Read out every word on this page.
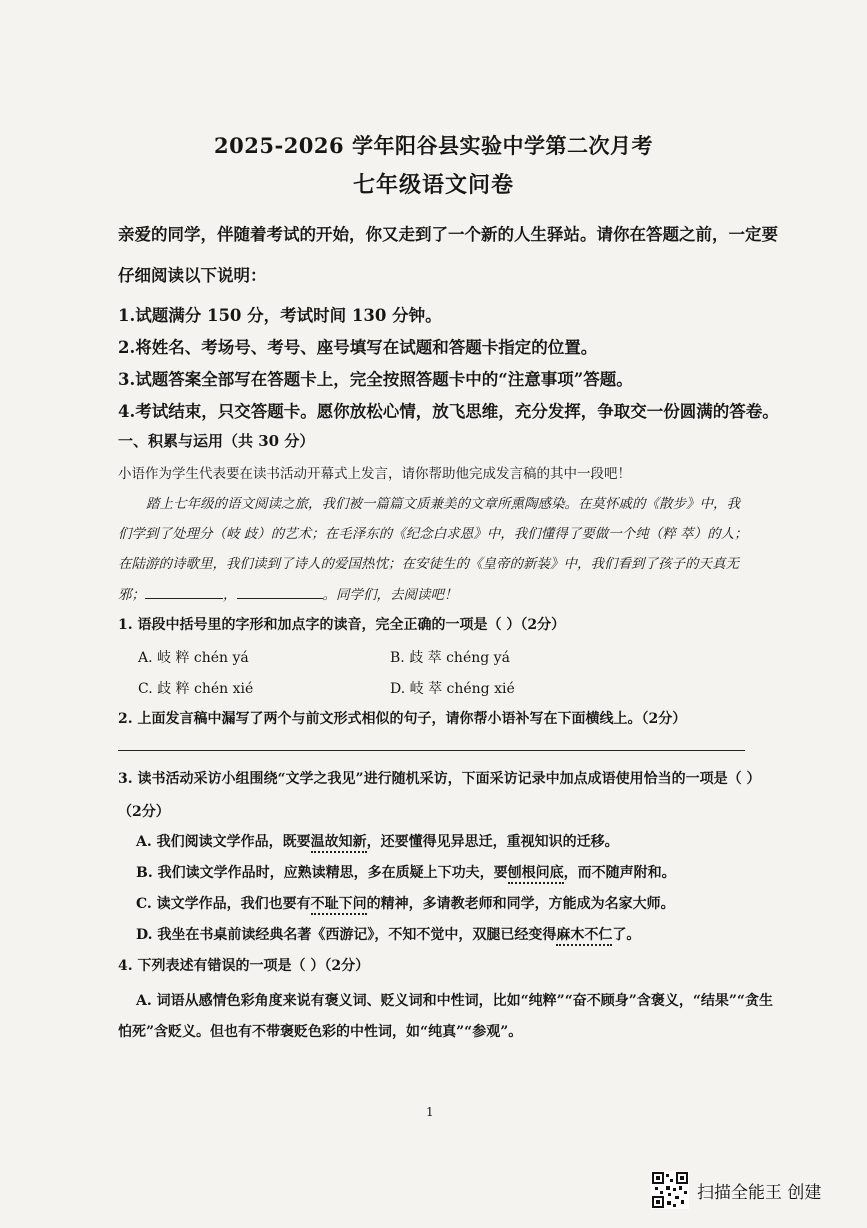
2025-2026 学年阳谷县实验中学第二次月考
七年级语文问卷
亲爱的同学，伴随着考试的开始，你又走到了一个新的人生驿站。请你在答题之前，一定要
仔细阅读以下说明：
1.试题满分 150 分，考试时间 130 分钟。
2.将姓名、考场号、考号、座号填写在试题和答题卡指定的位置。
3.试题答案全部写在答题卡上，完全按照答题卡中的“注意事项”答题。
4.考试结束，只交答题卡。愿你放松心情，放飞思维，充分发挥，争取交一份圆满的答卷。
一、积累与运用（共 30 分）
小语作为学生代表要在读书活动开幕式上发言，请你帮助他完成发言稿的其中一段吧！
踏上七年级的语文阅读之旅，我们被一篇篇文质兼美的文章所熏陶感染。在莫怀戚的《散步》中，我
们学到了处理分（岐 歧）的艺术；在毛泽东的《纪念白求恩》中，我们懂得了要做一个纯（粹 萃）的人；
在陆游的诗歌里，我们读到了诗人的爱国热忱；在安徒生的《皇帝的新装》中，我们看到了孩子的天真无
邪；	，	。同学们，去阅读吧！
1. 语段中括号里的字形和加点字的读音，完全正确的一项是（ ）（2分）
A. 岐 粹 chén yá	B. 歧 萃 chéng yá
C. 歧 粹 chén xié	D. 岐 萃 chéng xié
2. 上面发言稿中漏写了两个与前文形式相似的句子，请你帮小语补写在下面横线上。（2分）
3. 读书活动采访小组围绕“文学之我见”进行随机采访，下面采访记录中加点成语使用恰当的一项是（ ）
（2分）
A. 我们阅读文学作品，既要温故知新，还要懂得见异思迁，重视知识的迁移。
B. 我们读文学作品时，应熟读精思，多在质疑上下功夫，要刨根问底，而不随声附和。
C. 读文学作品，我们也要有不耻下问的精神，多请教老师和同学，方能成为名家大师。
D. 我坐在书桌前读经典名著《西游记》，不知不觉中，双腿已经变得麻木不仁了。
4. 下列表述有错误的一项是（ ）（2分）
A. 词语从感情色彩角度来说有褒义词、贬义词和中性词，比如“纯粹”“奋不顾身”含褒义，“结果”“贪生
怕死”含贬义。但也有不带褒贬色彩的中性词，如“纯真”“参观”。
1
扫描全能王 创建
